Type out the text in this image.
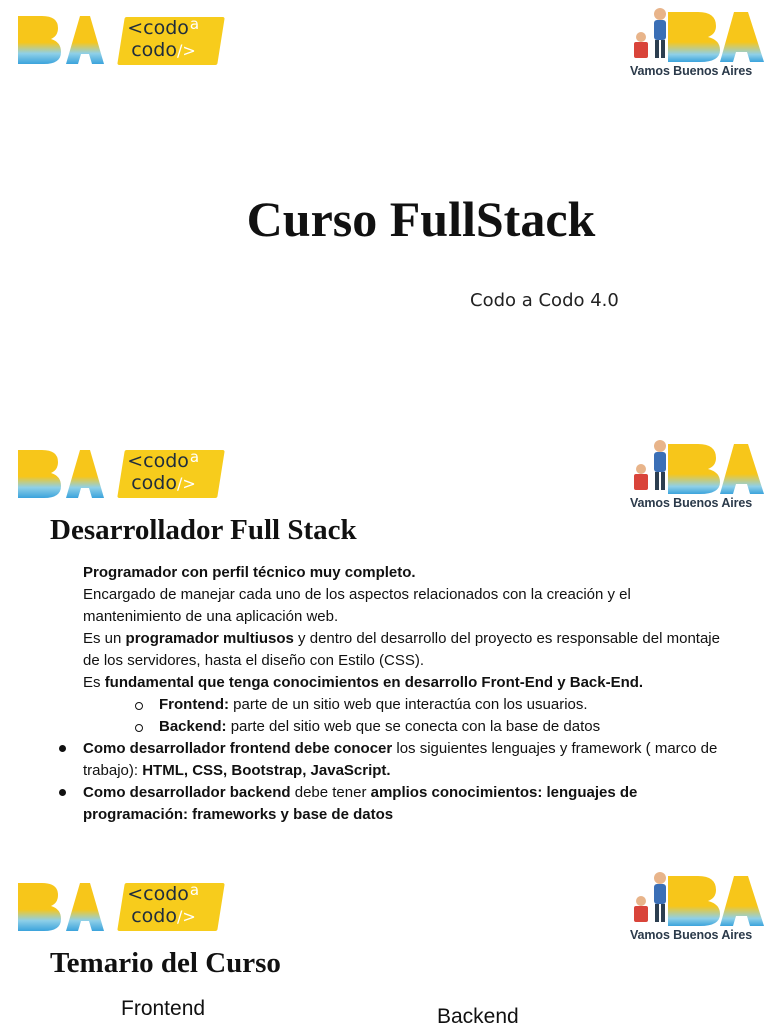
<codo$^a$
codo/>
Vamos Buenos Aires
Curso FullStack
Codo a Codo 4.0
<codo$^a$
codo/>
Vamos Buenos Aires
Desarrollador Full Stack

Programador con perfil técnico muy completo.

Encargado de manejar cada uno de los aspectos relacionados con la creación y el mantenimiento de una aplicación web.

Es un programador multiusos y dentro del desarrollo del proyecto es responsable del montaje de los servidores, hasta el diseño con Estilo (CSS).

Es fundamental que tenga conocimientos en desarrollo Front-End y Back-End.

Frontend: parte de un sitio web que interactúa con los usuarios.

Backend: parte del sitio web que se conecta con la base de datos

Como desarrollador frontend debe conocer los siguientes lenguajes y framework ( marco de trabajo): HTML, CSS, Bootstrap, JavaScript.

Como desarrollador backend debe tener amplios conocimientos: lenguajes de programación: frameworks y base de datos

<codo$^a$
codo/>
Vamos Buenos Aires
Temario del Curso
Frontend	Backend
